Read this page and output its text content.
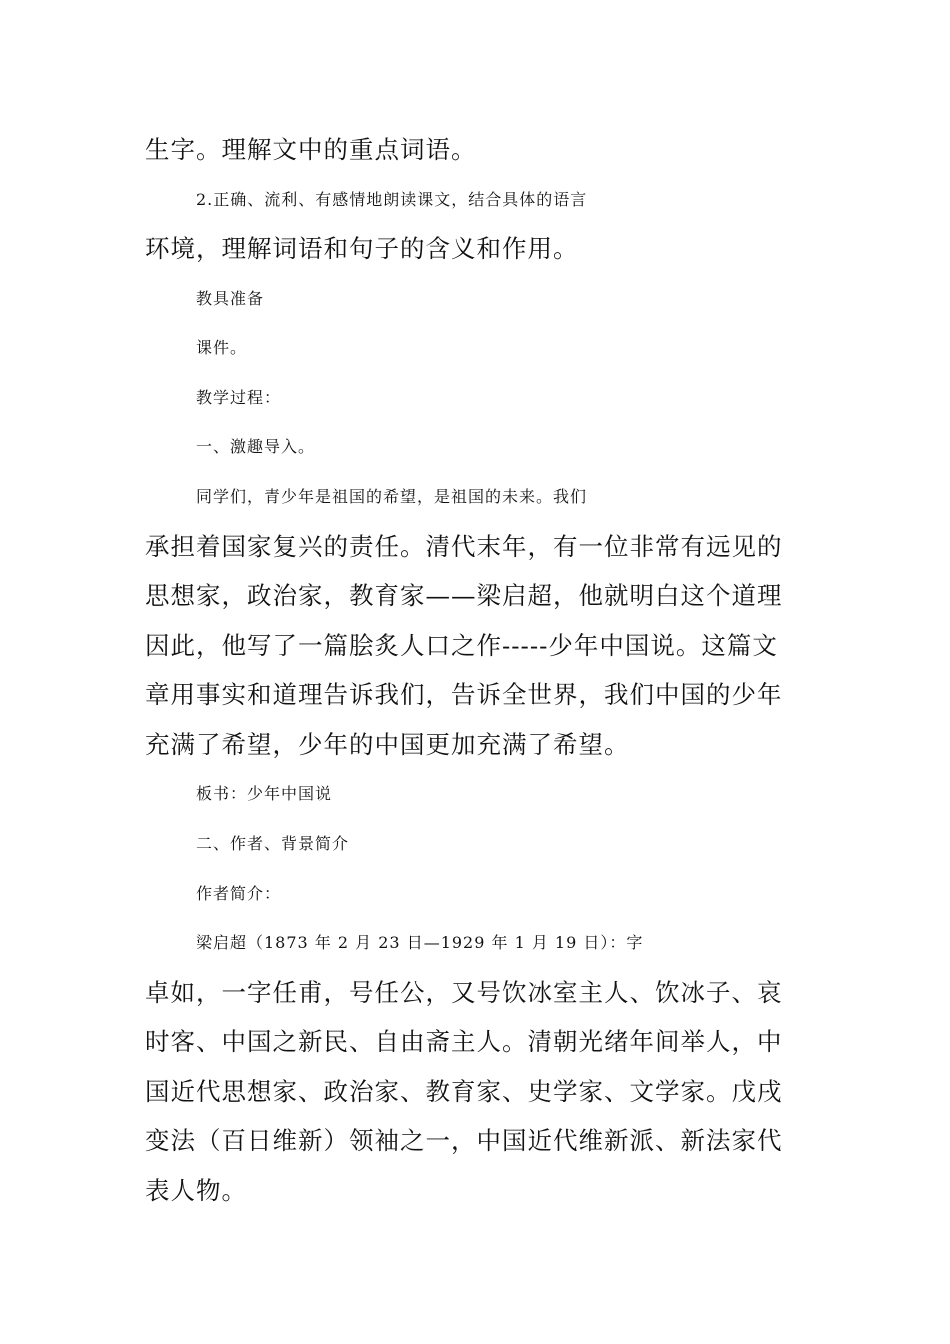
生字。理解文中的重点词语。
2.正确、流利、有感情地朗读课文，结合具体的语言
环境，理解词语和句子的含义和作用。
教具准备
课件。
教学过程：
一、激趣导入。
同学们，青少年是祖国的希望，是祖国的未来。我们
承担着国家复兴的责任。清代末年，有一位非常有远见的
思想家，政治家，教育家——梁启超，他就明白这个道理
因此，他写了一篇脍炙人口之作-----少年中国说。这篇文
章用事实和道理告诉我们，告诉全世界，我们中国的少年
充满了希望，少年的中国更加充满了希望。
板书：少年中国说
二、作者、背景简介
作者简介：
梁启超（1873 年 2 月 23 日—1929 年 1 月 19 日）：字
卓如，一字任甫，号任公，又号饮冰室主人、饮冰子、哀
时客、中国之新民、自由斋主人。清朝光绪年间举人，中
国近代思想家、政治家、教育家、史学家、文学家。戊戌
变法（百日维新）领袖之一，中国近代维新派、新法家代
表人物。
